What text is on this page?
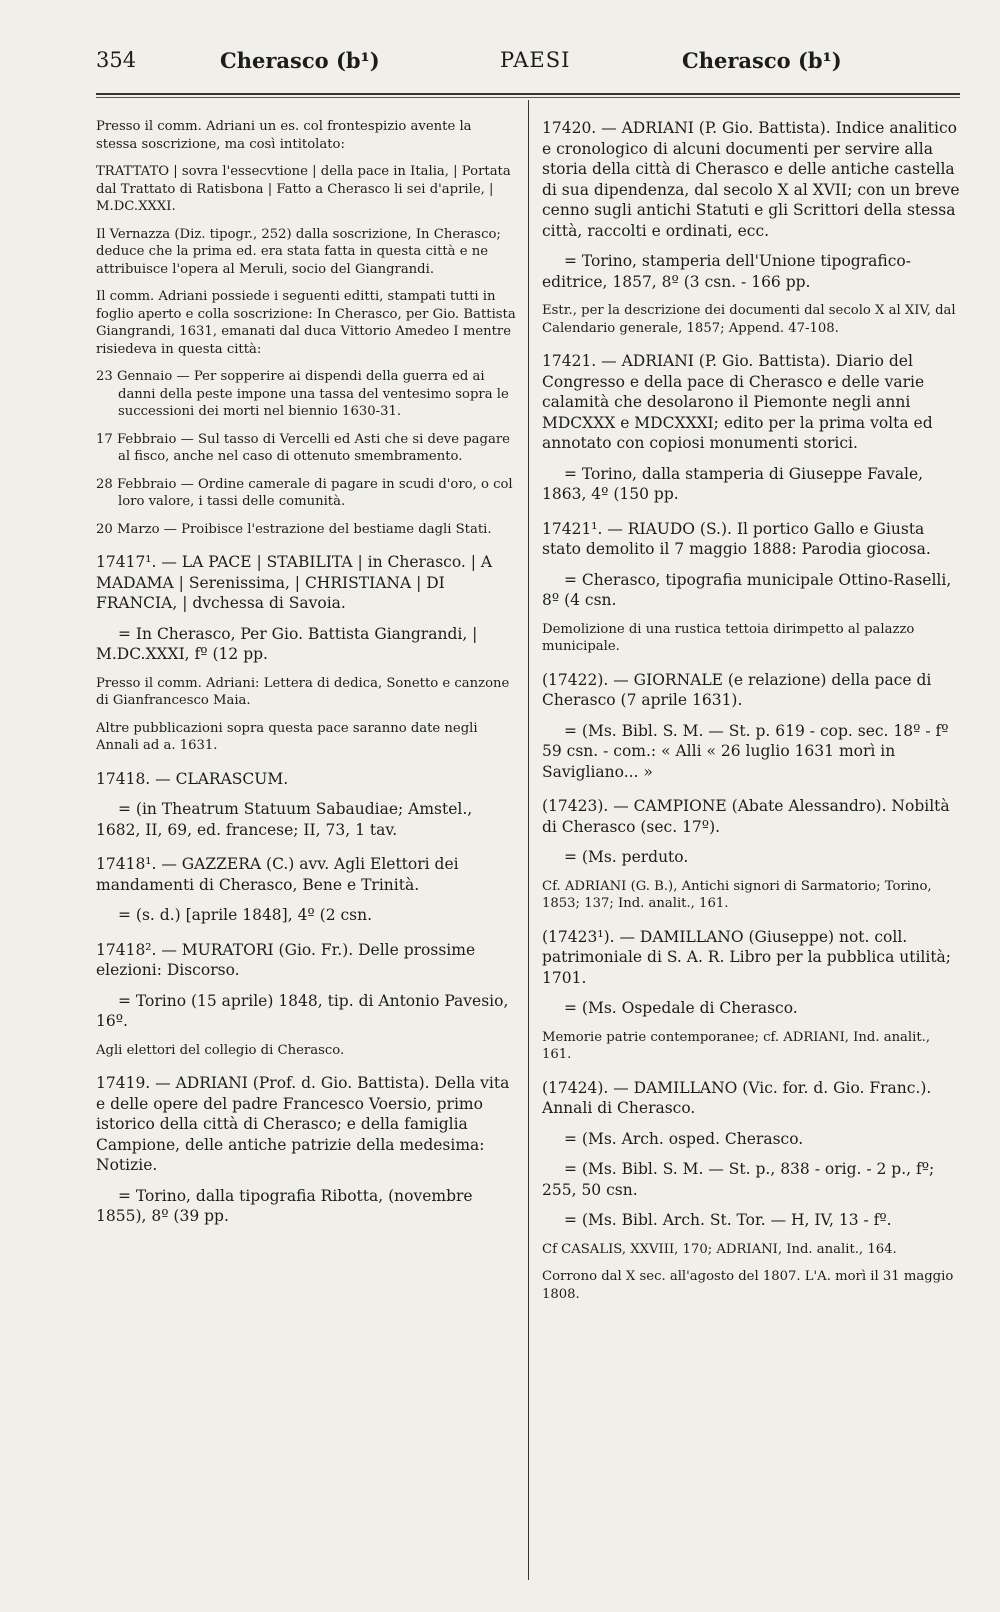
354	Cherasco (b¹)	PAESI	Cherasco (b¹)

Presso il comm. Adriani un es. col frontespizio avente la stessa soscrizione, ma così intitolato:

TRATTATO | sovra l'essecvtione | della pace in Italia, | Portata dal Trattato di Ratisbona | Fatto a Cherasco li sei d'aprile, | M.DC.XXXI.

Il Vernazza (Diz. tipogr., 252) dalla soscrizione, In Cherasco; deduce che la prima ed. era stata fatta in questa città e ne attribuisce l'opera al Meruli, socio del Giangrandi.

Il comm. Adriani possiede i seguenti editti, stampati tutti in foglio aperto e colla soscrizione: In Cherasco, per Gio. Battista Giangrandi, 1631, emanati dal duca Vittorio Amedeo I mentre risiedeva in questa città:

23 Gennaio — Per sopperire ai dispendi della guerra ed ai danni della peste impone una tassa del ventesimo sopra le successioni dei morti nel biennio 1630-31.

17 Febbraio — Sul tasso di Vercelli ed Asti che si deve pagare al fisco, anche nel caso di ottenuto smembramento.

28 Febbraio — Ordine camerale di pagare in scudi d'oro, o col loro valore, i tassi delle comunità.

20 Marzo — Proibisce l'estrazione del bestiame dagli Stati.

17417¹. — LA PACE | STABILITA | in Cherasco. | A MADAMA | Serenissima, | CHRISTIANA | DI FRANCIA, | dvchessa di Savoia.

= In Cherasco, Per Gio. Battista Giangrandi, | M.DC.XXXI, fº (12 pp.

Presso il comm. Adriani: Lettera di dedica, Sonetto e canzone di Gianfrancesco Maia.

Altre pubblicazioni sopra questa pace saranno date negli Annali ad a. 1631.

17418. — CLARASCUM.

= (in Theatrum Statuum Sabaudiae; Amstel., 1682, II, 69, ed. francese; II, 73, 1 tav.

17418¹. — GAZZERA (C.) avv. Agli Elettori dei mandamenti di Cherasco, Bene e Trinità.

= (s. d.) [aprile 1848], 4º (2 csn.

17418². — MURATORI (Gio. Fr.). Delle prossime elezioni: Discorso.

= Torino (15 aprile) 1848, tip. di Antonio Pavesio, 16º.

Agli elettori del collegio di Cherasco.

17419. — ADRIANI (Prof. d. Gio. Battista). Della vita e delle opere del padre Francesco Voersio, primo istorico della città di Cherasco; e della famiglia Campione, delle antiche patrizie della medesima: Notizie.

= Torino, dalla tipografia Ribotta, (novembre 1855), 8º (39 pp.

17420. — ADRIANI (P. Gio. Battista). Indice analitico e cronologico di alcuni documenti per servire alla storia della città di Cherasco e delle antiche castella di sua dipendenza, dal secolo X al XVII; con un breve cenno sugli antichi Statuti e gli Scrittori della stessa città, raccolti e ordinati, ecc.

= Torino, stamperia dell'Unione tipografico-editrice, 1857, 8º (3 csn. - 166 pp.

Estr., per la descrizione dei documenti dal secolo X al XIV, dal Calendario generale, 1857; Append. 47-108.

17421. — ADRIANI (P. Gio. Battista). Diario del Congresso e della pace di Cherasco e delle varie calamità che desolarono il Piemonte negli anni MDCXXX e MDCXXXI; edito per la prima volta ed annotato con copiosi monumenti storici.

= Torino, dalla stamperia di Giuseppe Favale, 1863, 4º (150 pp.

17421¹. — RIAUDO (S.). Il portico Gallo e Giusta stato demolito il 7 maggio 1888: Parodia giocosa.

= Cherasco, tipografia municipale Ottino-Raselli, 8º (4 csn.

Demolizione di una rustica tettoia dirimpetto al palazzo municipale.

(17422). — GIORNALE (e relazione) della pace di Cherasco (7 aprile 1631).

= (Ms. Bibl. S. M. — St. p. 619 - cop. sec. 18º - fº 59 csn. - com.: « Alli « 26 luglio 1631 morì in Savigliano... »

(17423). — CAMPIONE (Abate Alessandro). Nobiltà di Cherasco (sec. 17º).

= (Ms. perduto.

Cf. ADRIANI (G. B.), Antichi signori di Sarmatorio; Torino, 1853; 137; Ind. analit., 161.

(17423¹). — DAMILLANO (Giuseppe) not. coll. patrimoniale di S. A. R. Libro per la pubblica utilità; 1701.

= (Ms. Ospedale di Cherasco.

Memorie patrie contemporanee; cf. ADRIANI, Ind. analit., 161.

(17424). — DAMILLANO (Vic. for. d. Gio. Franc.). Annali di Cherasco.

= (Ms. Arch. osped. Cherasco.

= (Ms. Bibl. S. M. — St. p., 838 - orig. - 2 p., fº; 255, 50 csn.

= (Ms. Bibl. Arch. St. Tor. — H, IV, 13 - fº.

Cf CASALIS, XXVIII, 170; ADRIANI, Ind. analit., 164.

Corrono dal X sec. all'agosto del 1807. L'A. morì il 31 maggio 1808.
